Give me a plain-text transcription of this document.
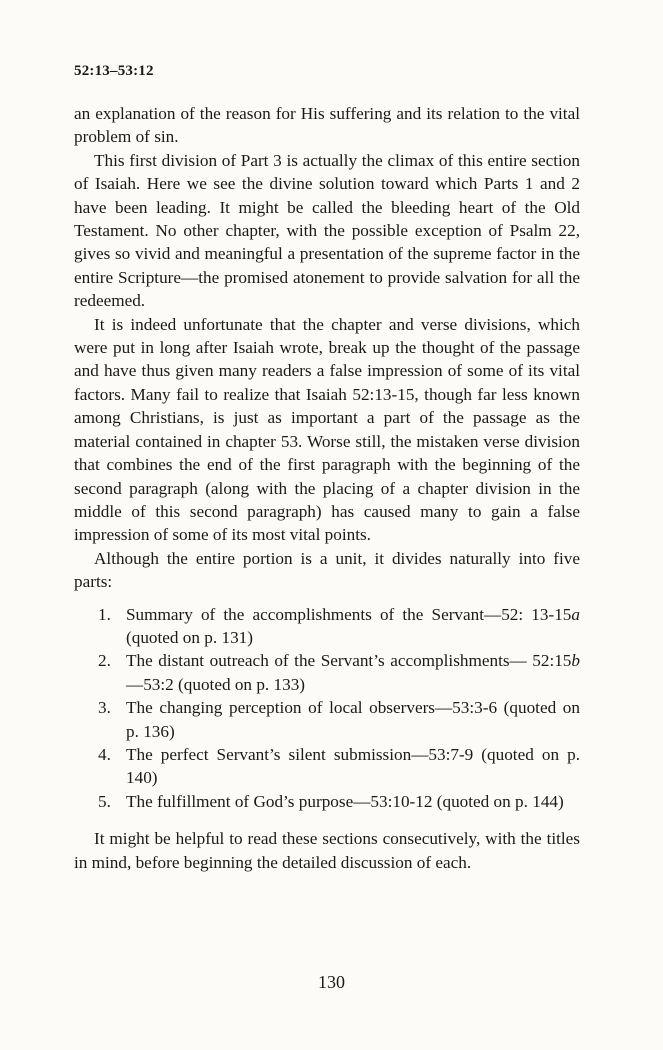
52:13–53:12

an explanation of the reason for His suffering and its relation to the vital problem of sin.

This first division of Part 3 is actually the climax of this entire section of Isaiah. Here we see the divine solution toward which Parts 1 and 2 have been leading. It might be called the bleeding heart of the Old Testament. No other chapter, with the possible exception of Psalm 22, gives so vivid and meaningful a presentation of the supreme factor in the entire Scripture—the promised atonement to provide salvation for all the redeemed.

It is indeed unfortunate that the chapter and verse divisions, which were put in long after Isaiah wrote, break up the thought of the passage and have thus given many readers a false impression of some of its vital factors. Many fail to realize that Isaiah 52:13-15, though far less known among Christians, is just as important a part of the passage as the material contained in chapter 53. Worse still, the mistaken verse division that combines the end of the first paragraph with the beginning of the second paragraph (along with the placing of a chapter division in the middle of this second paragraph) has caused many to gain a false impression of some of its most vital points.

Although the entire portion is a unit, it divides naturally into five parts:

1. Summary of the accomplishments of the Servant—52: 13-15a (quoted on p. 131)
2. The distant outreach of the Servant’s accomplishments— 52:15b—53:2 (quoted on p. 133)
3. The changing perception of local observers—53:3-6 (quoted on p. 136)
4. The perfect Servant’s silent submission—53:7-9 (quoted on p. 140)
5. The fulfillment of God’s purpose—53:10-12 (quoted on p. 144)

It might be helpful to read these sections consecutively, with the titles in mind, before beginning the detailed discussion of each.

130
